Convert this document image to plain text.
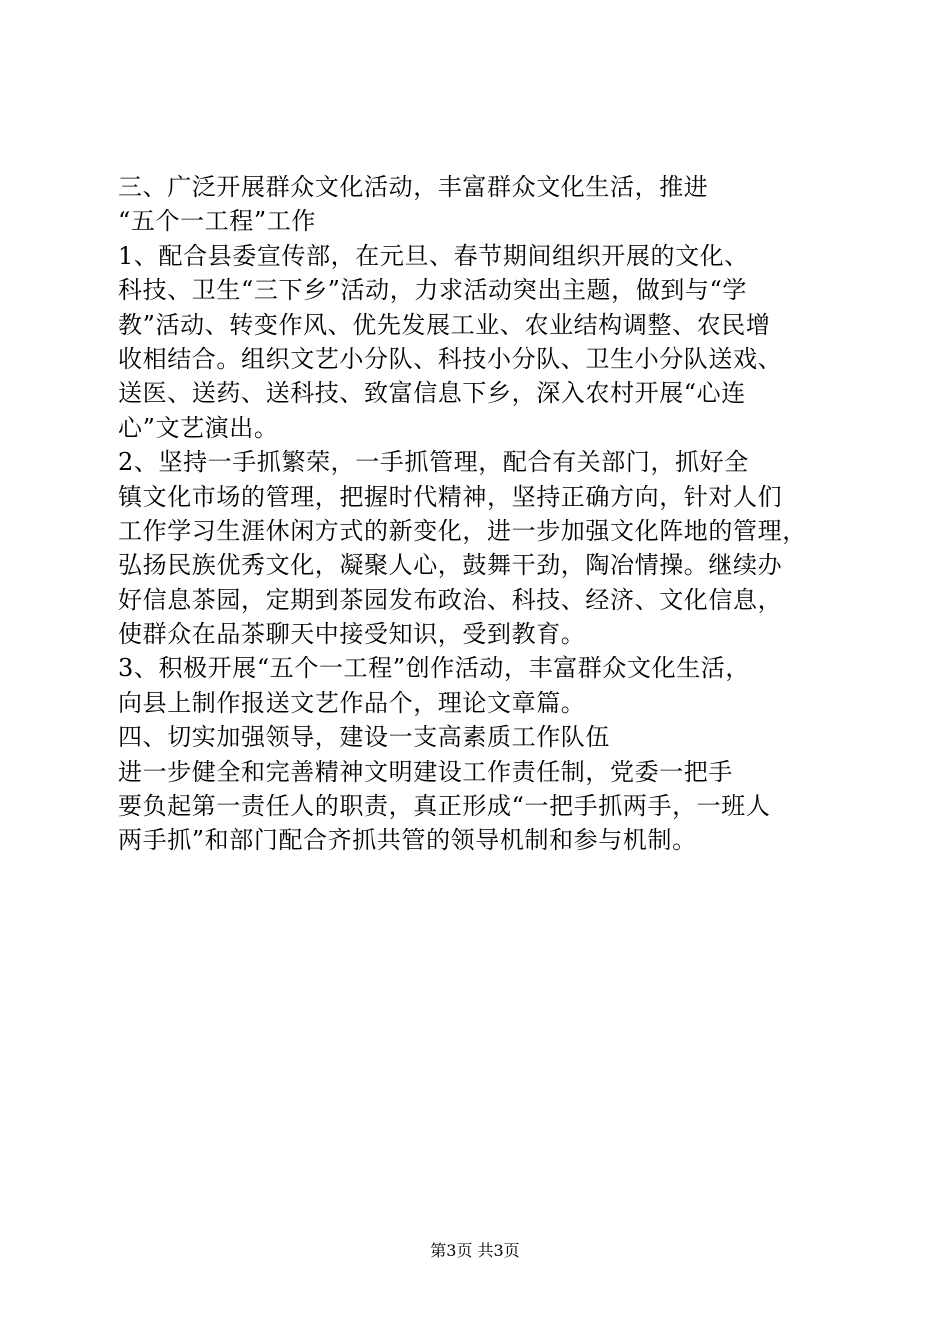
三、广泛开展群众文化活动，丰富群众文化生活，推进
“五个一工程”工作
1、配合县委宣传部，在元旦、春节期间组织开展的文化、
科技、卫生“三下乡”活动，力求活动突出主题，做到与“学
教”活动、转变作风、优先发展工业、农业结构调整、农民增
收相结合。组织文艺小分队、科技小分队、卫生小分队送戏、
送医、送药、送科技、致富信息下乡，深入农村开展“心连
心”文艺演出。
2、坚持一手抓繁荣，一手抓管理，配合有关部门，抓好全
镇文化市场的管理，把握时代精神，坚持正确方向，针对人们
工作学习生涯休闲方式的新变化，进一步加强文化阵地的管理，
弘扬民族优秀文化，凝聚人心，鼓舞干劲，陶冶情操。继续办
好信息茶园，定期到茶园发布政治、科技、经济、文化信息，
使群众在品茶聊天中接受知识，受到教育。
3、积极开展“五个一工程”创作活动，丰富群众文化生活，
向县上制作报送文艺作品个，理论文章篇。
四、切实加强领导，建设一支高素质工作队伍
进一步健全和完善精神文明建设工作责任制，党委一把手
要负起第一责任人的职责，真正形成“一把手抓两手，一班人
两手抓”和部门配合齐抓共管的领导机制和参与机制。
第3页 共3页
